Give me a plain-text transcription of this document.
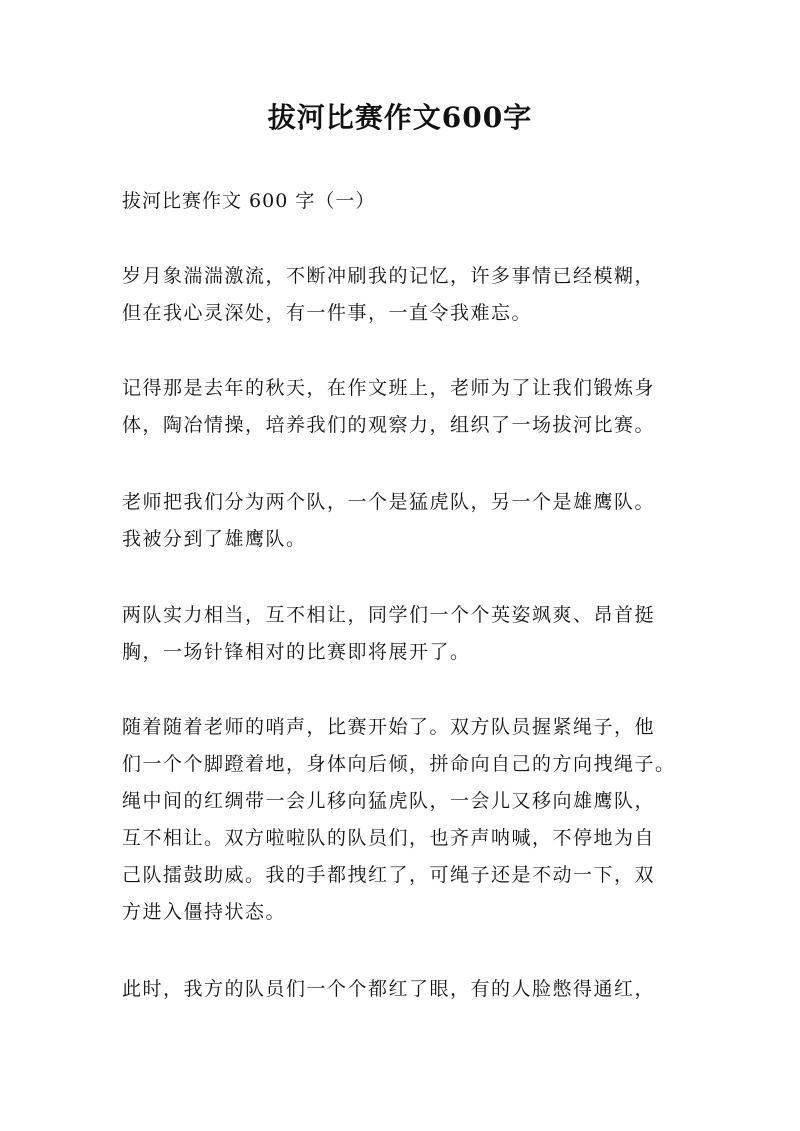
拔河比赛作文600字

拔河比赛作文 600 字（一）

岁月象湍湍激流，不断冲刷我的记忆，许多事情已经模糊，
但在我心灵深处，有一件事，一直令我难忘。

记得那是去年的秋天，在作文班上，老师为了让我们锻炼身
体，陶冶情操，培养我们的观察力，组织了一场拔河比赛。

老师把我们分为两个队，一个是猛虎队，另一个是雄鹰队。
我被分到了雄鹰队。

两队实力相当，互不相让，同学们一个个英姿飒爽、昂首挺
胸，一场针锋相对的比赛即将展开了。

随着随着老师的哨声，比赛开始了。双方队员握紧绳子，他
们一个个脚蹬着地，身体向后倾，拼命向自己的方向拽绳子。
绳中间的红绸带一会儿移向猛虎队，一会儿又移向雄鹰队，
互不相让。双方啦啦队的队员们，也齐声呐喊，不停地为自
己队擂鼓助威。我的手都拽红了，可绳子还是不动一下，双
方进入僵持状态。

此时，我方的队员们一个个都红了眼，有的人脸憋得通红，
